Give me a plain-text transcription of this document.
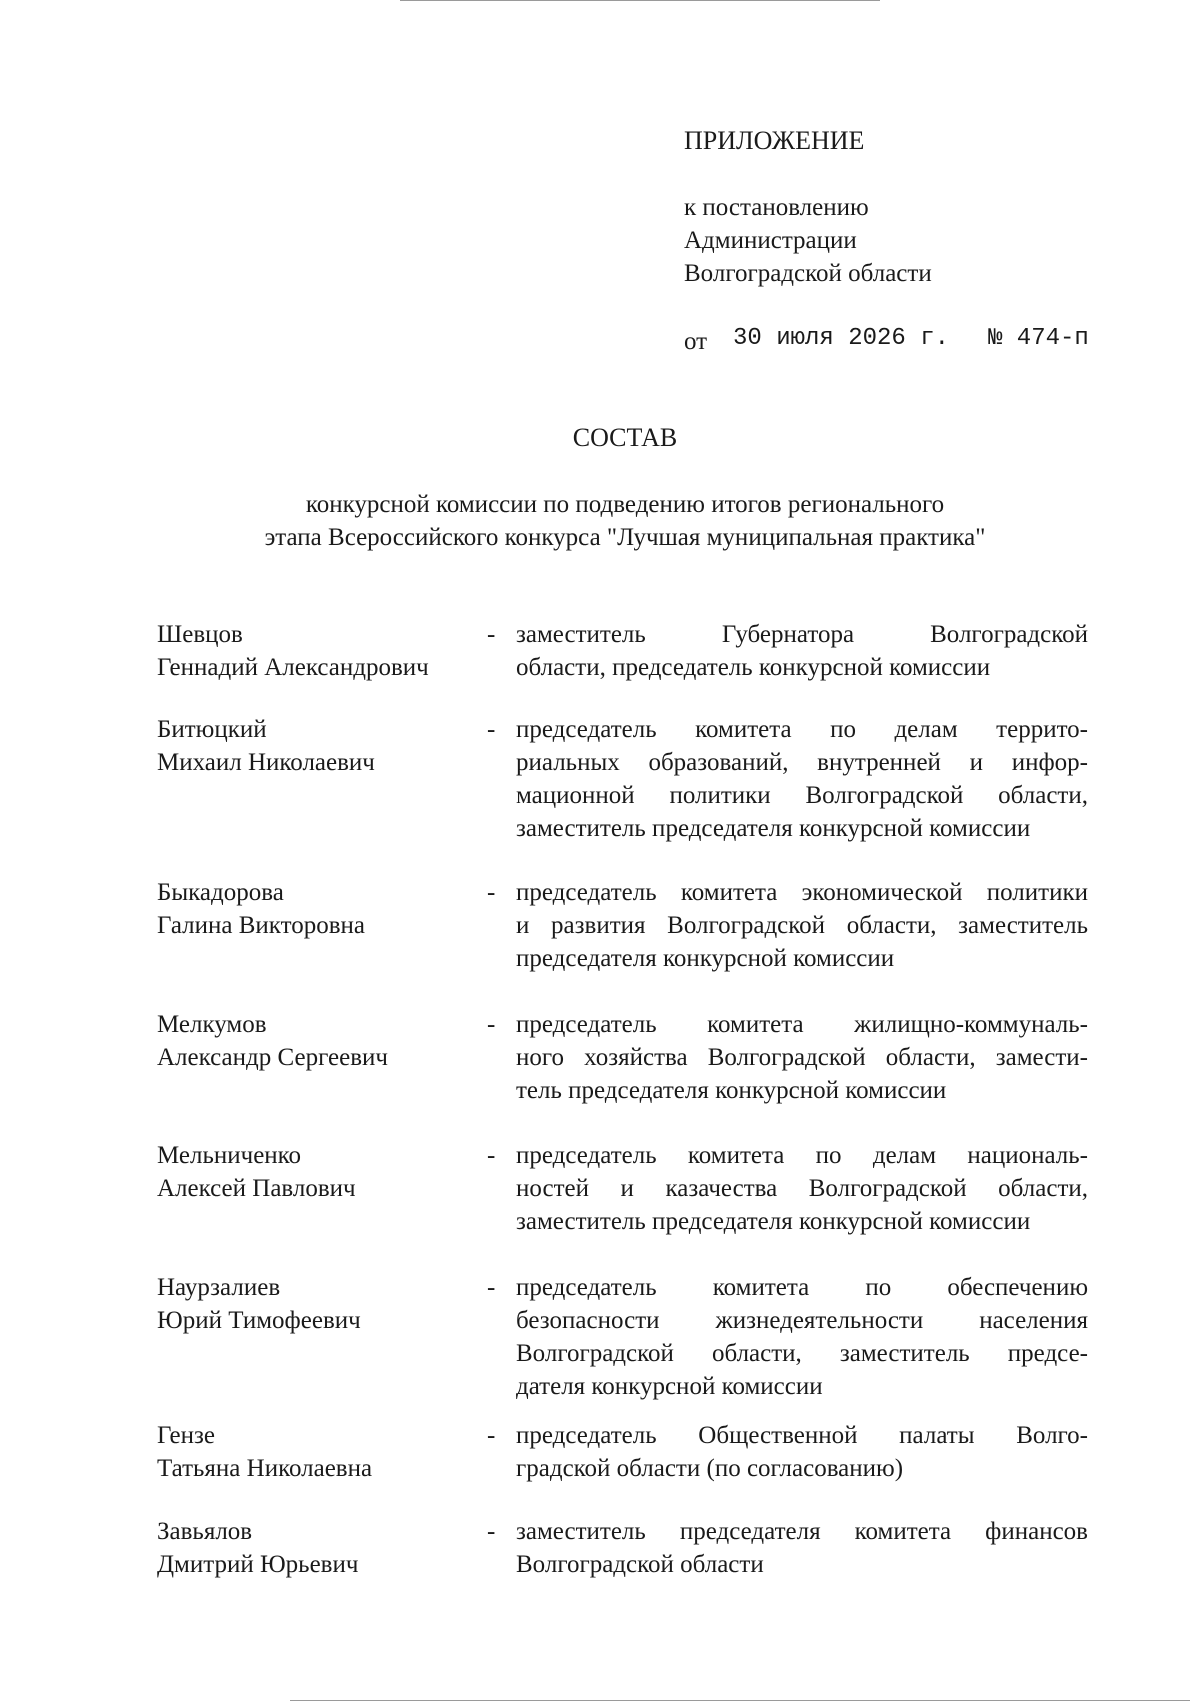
ПРИЛОЖЕНИЕ
к постановлению
Администрации
Волгоградской области
от 30 июля 2026 г. № 474-п
СОСТАВ
конкурсной комиссии по подведению итогов регионального
этапа Всероссийского конкурса "Лучшая муниципальная практика"
Шевцов
Геннадий Александрович
- заместитель Губернатора Волгоградской
области, председатель конкурсной комиссии
Битюцкий
Михаил Николаевич
- председатель комитета по делам террито-
риальных образований, внутренней и инфор-
мационной политики Волгоградской области,
заместитель председателя конкурсной комиссии
Быкадорова
Галина Викторовна
- председатель комитета экономической политики
и развития Волгоградской области, заместитель
председателя конкурсной комиссии
Мелкумов
Александр Сергеевич
- председатель комитета жилищно-коммуналь-
ного хозяйства Волгоградской области, замести-
тель председателя конкурсной комиссии
Мельниченко
Алексей Павлович
- председатель комитета по делам националь-
ностей и казачества Волгоградской области,
заместитель председателя конкурсной комиссии
Наурзалиев
Юрий Тимофеевич
- председатель комитета по обеспечению
безопасности жизнедеятельности населения
Волгоградской области, заместитель предсе-
дателя конкурсной комиссии
Гензе
Татьяна Николаевна
- председатель Общественной палаты Волго-
градской области (по согласованию)
Завьялов
Дмитрий Юрьевич
- заместитель председателя комитета финансов
Волгоградской области
